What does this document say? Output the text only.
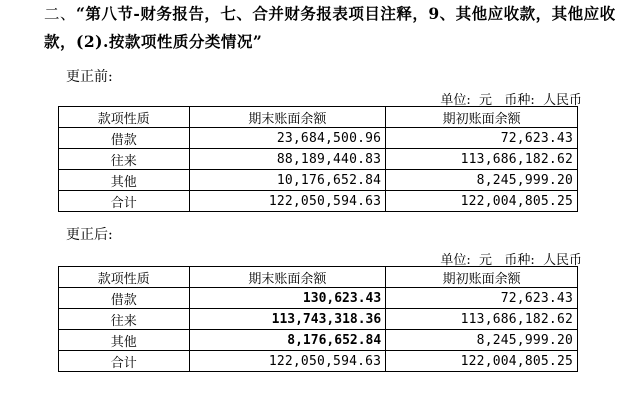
二、“第八节-财务报告，七、合并财务报表项目注释，9、其他应收款，其他应收款，(2).按款项性质分类情况”
更正前:
单位:  元   币种:  人民币
款项性质	期末账面余额	期初账面余额
借款	23,684,500.96	72,623.43
往来	88,189,440.83	113,686,182.62
其他	10,176,652.84	8,245,999.20
合计	122,050,594.63	122,004,805.25
更正后:
单位:  元   币种:  人民币
款项性质	期末账面余额	期初账面余额
借款	130,623.43	72,623.43
往来	113,743,318.36	113,686,182.62
其他	8,176,652.84	8,245,999.20
合计	122,050,594.63	122,004,805.25
